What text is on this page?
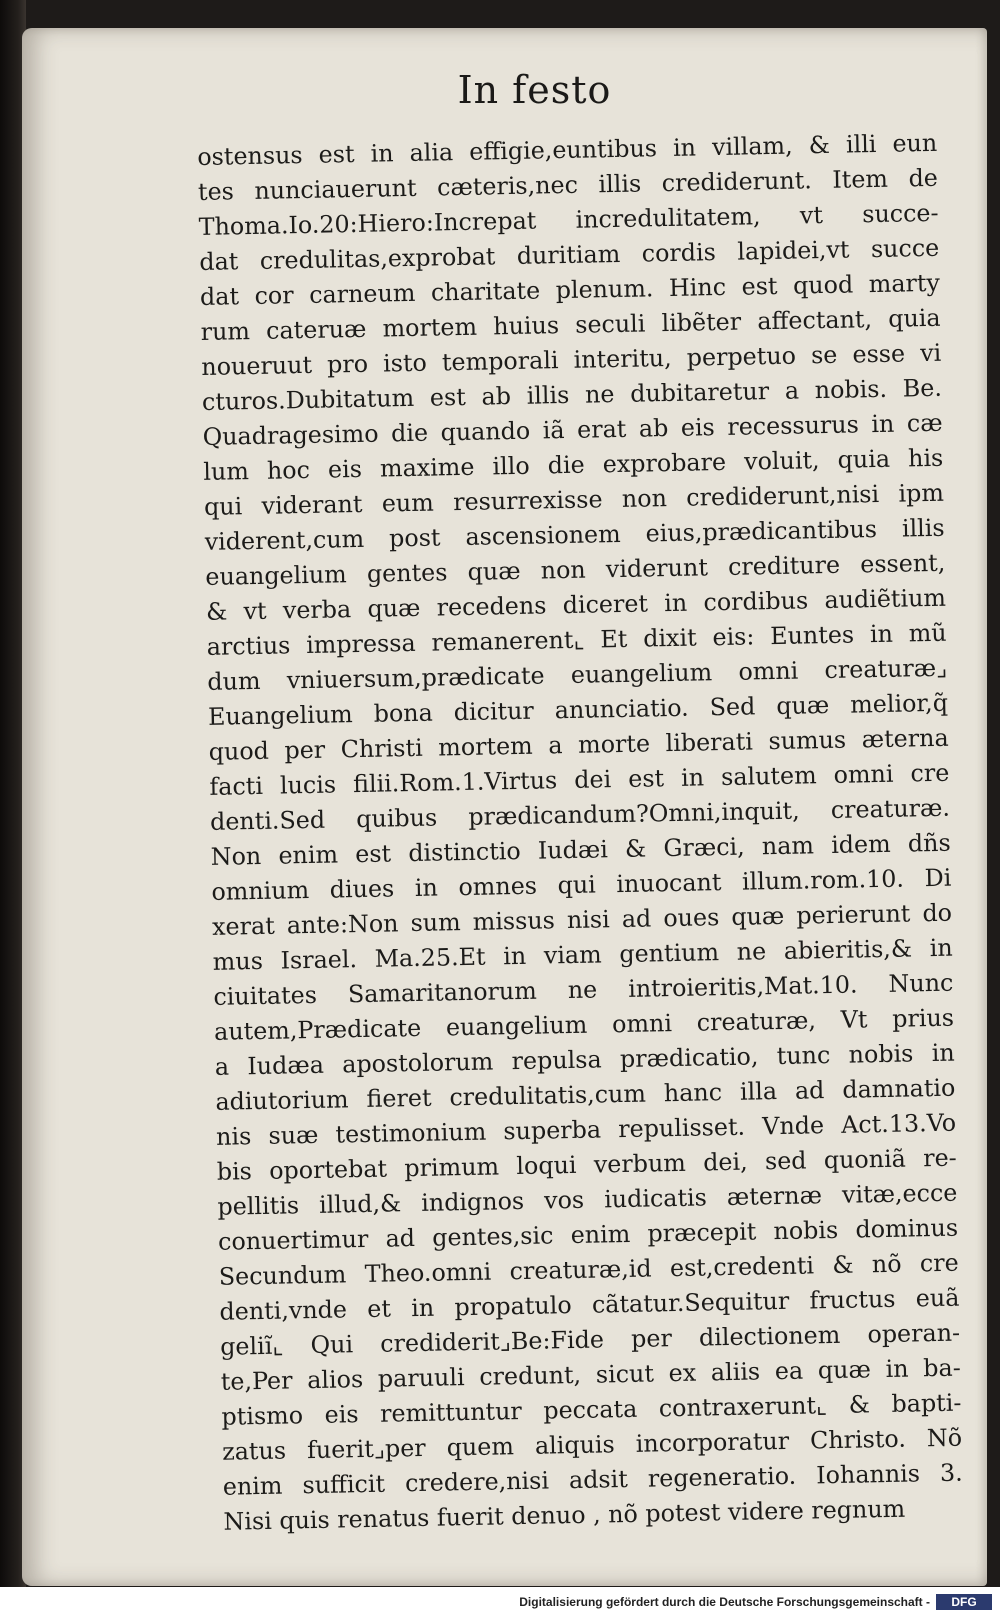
In festo
ostensus est in alia effigie,euntibus in villam, & illi eun
tes nunciauerunt cæteris,nec illis crediderunt. Item de
Thoma.Io.20:Hiero:Increpat incredulitatem, vt succe-
dat credulitas,exprobat duritiam cordis lapidei,vt succe
dat cor carneum charitate plenum. Hinc est quod marty
rum cateruæ mortem huius seculi libẽter affectant, quia
noueruut pro isto temporali interitu, perpetuo se esse vi
cturos.Dubitatum est ab illis ne dubitaretur a nobis. Be.
Quadragesimo die quando iã erat ab eis recessurus in cæ
lum hoc eis maxime illo die exprobare voluit, quia his
qui viderant eum resurrexisse non crediderunt,nisi ipm
viderent,cum post ascensionem eius,prædicantibus illis
euangelium gentes quæ non viderunt crediture essent,
& vt verba quæ recedens diceret in cordibus audiẽtium
arctius impressa remanerent⌞ Et dixit eis: Euntes in mũ
dum vniuersum,prædicate euangelium omni creaturæ⌟
Euangelium bona dicitur anunciatio. Sed quæ melior,q̃
quod per Christi mortem a morte liberati sumus æterna
facti lucis filii.Rom.1.Virtus dei est in salutem omni cre
denti.Sed quibus prædicandum?Omni,inquit, creaturæ.
Non enim est distinctio Iudæi & Græci, nam idem dñs
omnium diues in omnes qui inuocant illum.rom.10. Di
xerat ante:Non sum missus nisi ad oues quæ perierunt do
mus Israel. Ma.25.Et in viam gentium ne abieritis,& in
ciuitates Samaritanorum ne introieritis,Mat.10. Nunc
autem,Prædicate euangelium omni creaturæ, Vt prius
a Iudæa apostolorum repulsa prædicatio, tunc nobis in
adiutorium fieret credulitatis,cum hanc illa ad damnatio
nis suæ testimonium superba repulisset. Vnde Act.13.Vo
bis oportebat primum loqui verbum dei, sed quoniã re-
pellitis illud,& indignos vos iudicatis æternæ vitæ,ecce
conuertimur ad gentes,sic enim præcepit nobis dominus
Secundum Theo.omni creaturæ,id est,credenti & nõ cre
denti,vnde et in propatulo cãtatur.Sequitur fructus euã
geliĩ⌞ Qui crediderit⌟Be:Fide per dilectionem operan-
te,Per alios paruuli credunt, sicut ex aliis ea quæ in ba-
ptismo eis remittuntur peccata contraxerunt⌞ & bapti-
zatus fuerit⌟per quem aliquis incorporatur Christo. Nõ
enim sufficit credere,nisi adsit regeneratio. Iohannis 3.
Nisi quis renatus fuerit denuo , nõ potest videre regnum
Digitalisierung gefördert durch die Deutsche Forschungsgemeinschaft -	DFG
